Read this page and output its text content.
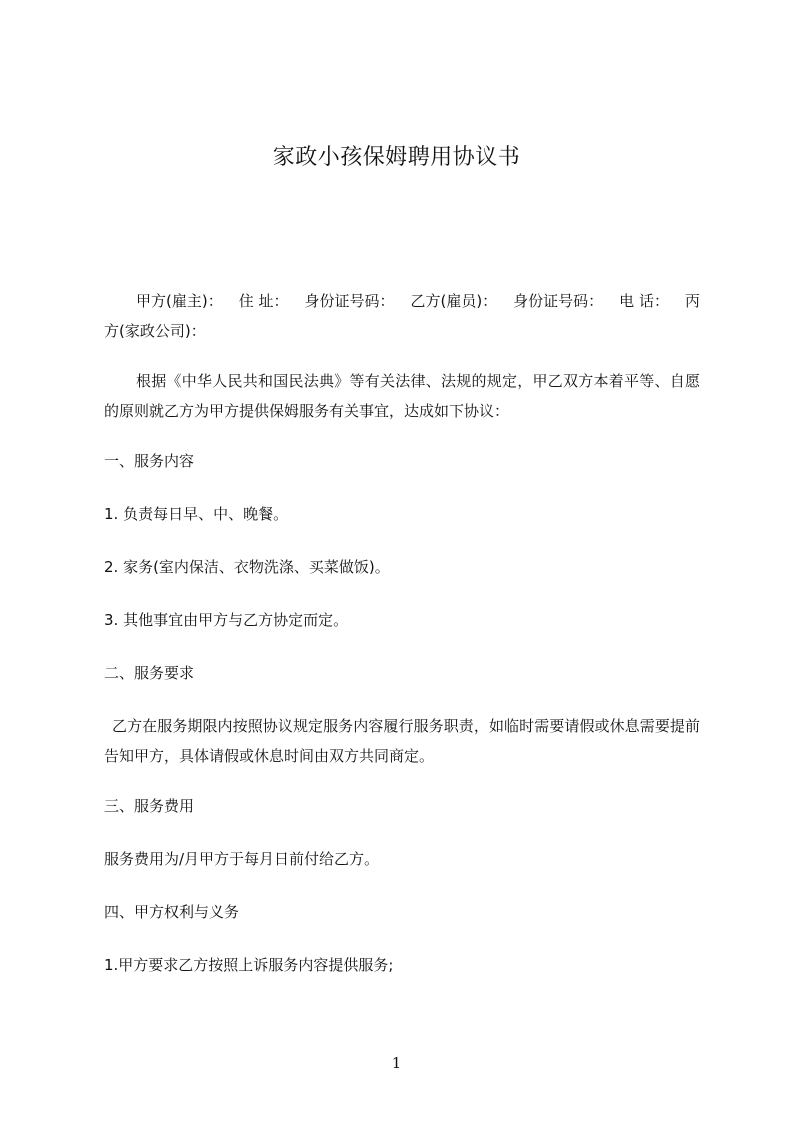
家政小孩保姆聘用协议书
甲方(雇主)： 住 址： 身份证号码： 乙方(雇员)： 身份证号码： 电 话： 丙
方(家政公司)：

根据《中华人民共和国民法典》等有关法律、法规的规定，甲乙双方本着平等、自愿的原则就乙方为甲方提供保姆服务有关事宜，达成如下协议：

一、服务内容

1. 负责每日早、中、晚餐。

2. 家务(室内保洁、衣物洗涤、买菜做饭)。

3. 其他事宜由甲方与乙方协定而定。

二、服务要求

乙方在服务期限内按照协议规定服务内容履行服务职责，如临时需要请假或休息需要提前告知甲方，具体请假或休息时间由双方共同商定。

三、服务费用

服务费用为/月甲方于每月日前付给乙方。

四、甲方权利与义务

1.甲方要求乙方按照上诉服务内容提供服务;

1
